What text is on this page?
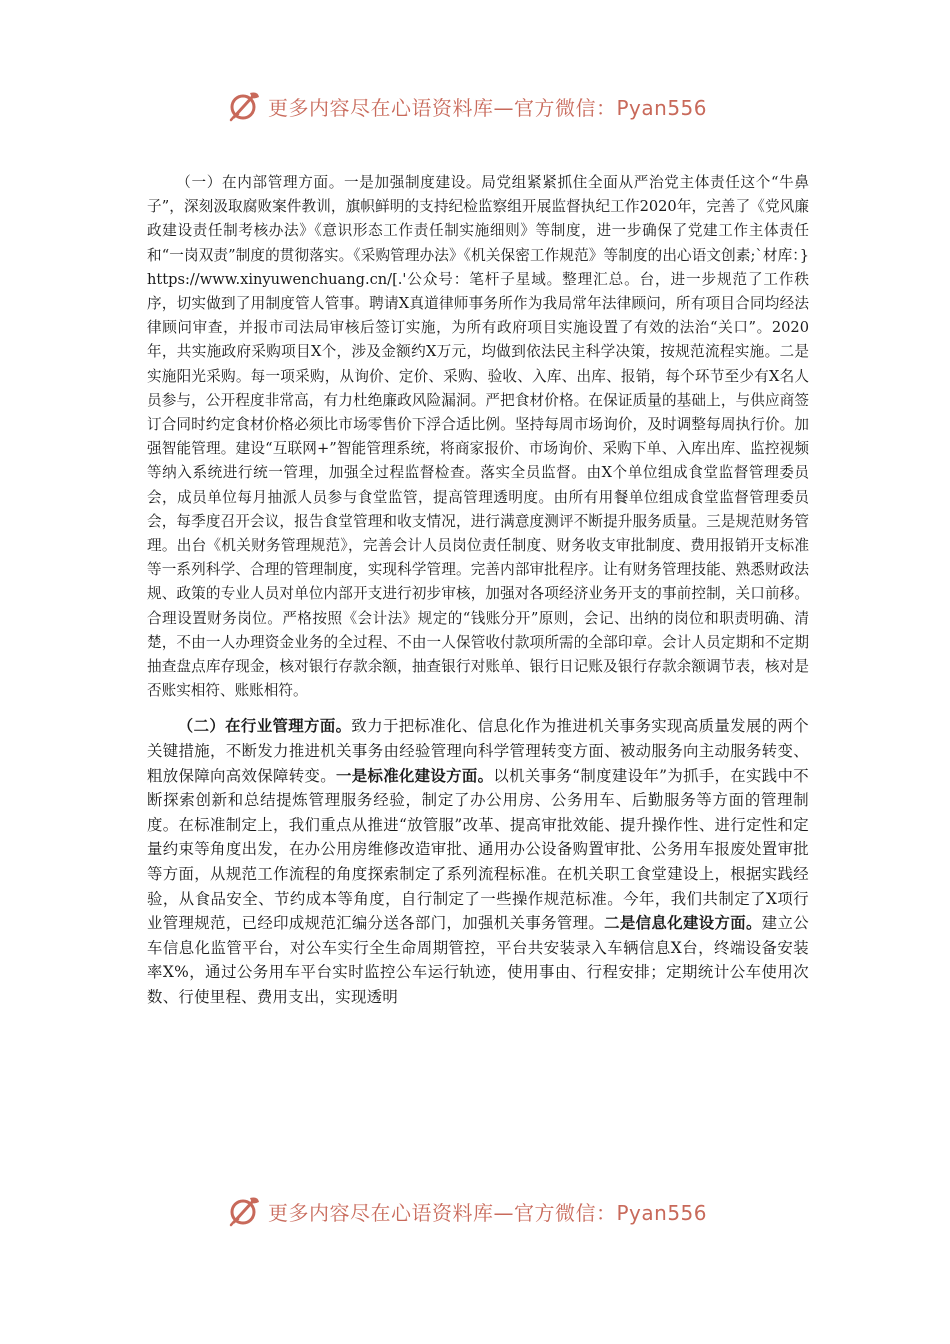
更多内容尽在心语资料库—官方微信：Pyan556

（一）在内部管理方面。一是加强制度建设。局党组紧紧抓住全面从严治党主体责任这个“牛鼻子”，深刻汲取腐败案件教训，旗帜鲜明的支持纪检监察组开展监督执纪工作2020年，完善了《党风廉政建设责任制考核办法》《意识形态工作责任制实施细则》等制度，进一步确保了党建工作主体责任和“一岗双责”制度的贯彻落实。《采购管理办法》《机关保密工作规范》等制度的出心语文创素;`材库：}https://www.xinyuwenchuang.cn/[.'公众号：笔杆子星域。整理汇总。台，进一步规范了工作秩序，切实做到了用制度管人管事。聘请X真道律师事务所作为我局常年法律顾问，所有项目合同均经法律顾问审查，并报市司法局审核后签订实施，为所有政府项目实施设置了有效的法治“关口”。2020年，共实施政府采购项目X个，涉及金额约X万元，均做到依法民主科学决策，按规范流程实施。二是实施阳光采购。每一项采购，从询价、定价、采购、验收、入库、出库、报销，每个环节至少有X名人员参与，公开程度非常高，有力杜绝廉政风险漏洞。严把食材价格。在保证质量的基础上，与供应商签订合同时约定食材价格必须比市场零售价下浮合适比例。坚持每周市场询价，及时调整每周执行价。加强智能管理。建设“互联网+”智能管理系统，将商家报价、市场询价、采购下单、入库出库、监控视频等纳入系统进行统一管理，加强全过程监督检查。落实全员监督。由X个单位组成食堂监督管理委员会，成员单位每月抽派人员参与食堂监管，提高管理透明度。由所有用餐单位组成食堂监督管理委员会，每季度召开会议，报告食堂管理和收支情况，进行满意度测评不断提升服务质量。三是规范财务管理。出台《机关财务管理规范》，完善会计人员岗位责任制度、财务收支审批制度、费用报销开支标准等一系列科学、合理的管理制度，实现科学管理。完善内部审批程序。让有财务管理技能、熟悉财政法规、政策的专业人员对单位内部开支进行初步审核，加强对各项经济业务开支的事前控制，关口前移。合理设置财务岗位。严格按照《会计法》规定的“钱账分开”原则，会记、出纳的岗位和职责明确、清楚，不由一人办理资金业务的全过程、不由一人保管收付款项所需的全部印章。会计人员定期和不定期抽查盘点库存现金，核对银行存款余额，抽查银行对账单、银行日记账及银行存款余额调节表，核对是否账实相符、账账相符。

（二）在行业管理方面。致力于把标准化、信息化作为推进机关事务实现高质量发展的两个关键措施，不断发力推进机关事务由经验管理向科学管理转变方面、被动服务向主动服务转变、粗放保障向高效保障转变。一是标准化建设方面。以机关事务“制度建设年”为抓手，在实践中不断探索创新和总结提炼管理服务经验，制定了办公用房、公务用车、后勤服务等方面的管理制度。在标准制定上，我们重点从推进“放管服”改革、提高审批效能、提升操作性、进行定性和定量约束等角度出发，在办公用房维修改造审批、通用办公设备购置审批、公务用车报废处置审批等方面，从规范工作流程的角度探索制定了系列流程标准。在机关职工食堂建设上，根据实践经验，从食品安全、节约成本等角度，自行制定了一些操作规范标准。今年，我们共制定了X项行业管理规范，已经印成规范汇编分送各部门，加强机关事务管理。二是信息化建设方面。建立公车信息化监管平台，对公车实行全生命周期管控，平台共安装录入车辆信息X台，终端设备安装率X%，通过公务用车平台实时监控公车运行轨迹，使用事由、行程安排；定期统计公车使用次数、行使里程、费用支出，实现透明

更多内容尽在心语资料库—官方微信：Pyan556
